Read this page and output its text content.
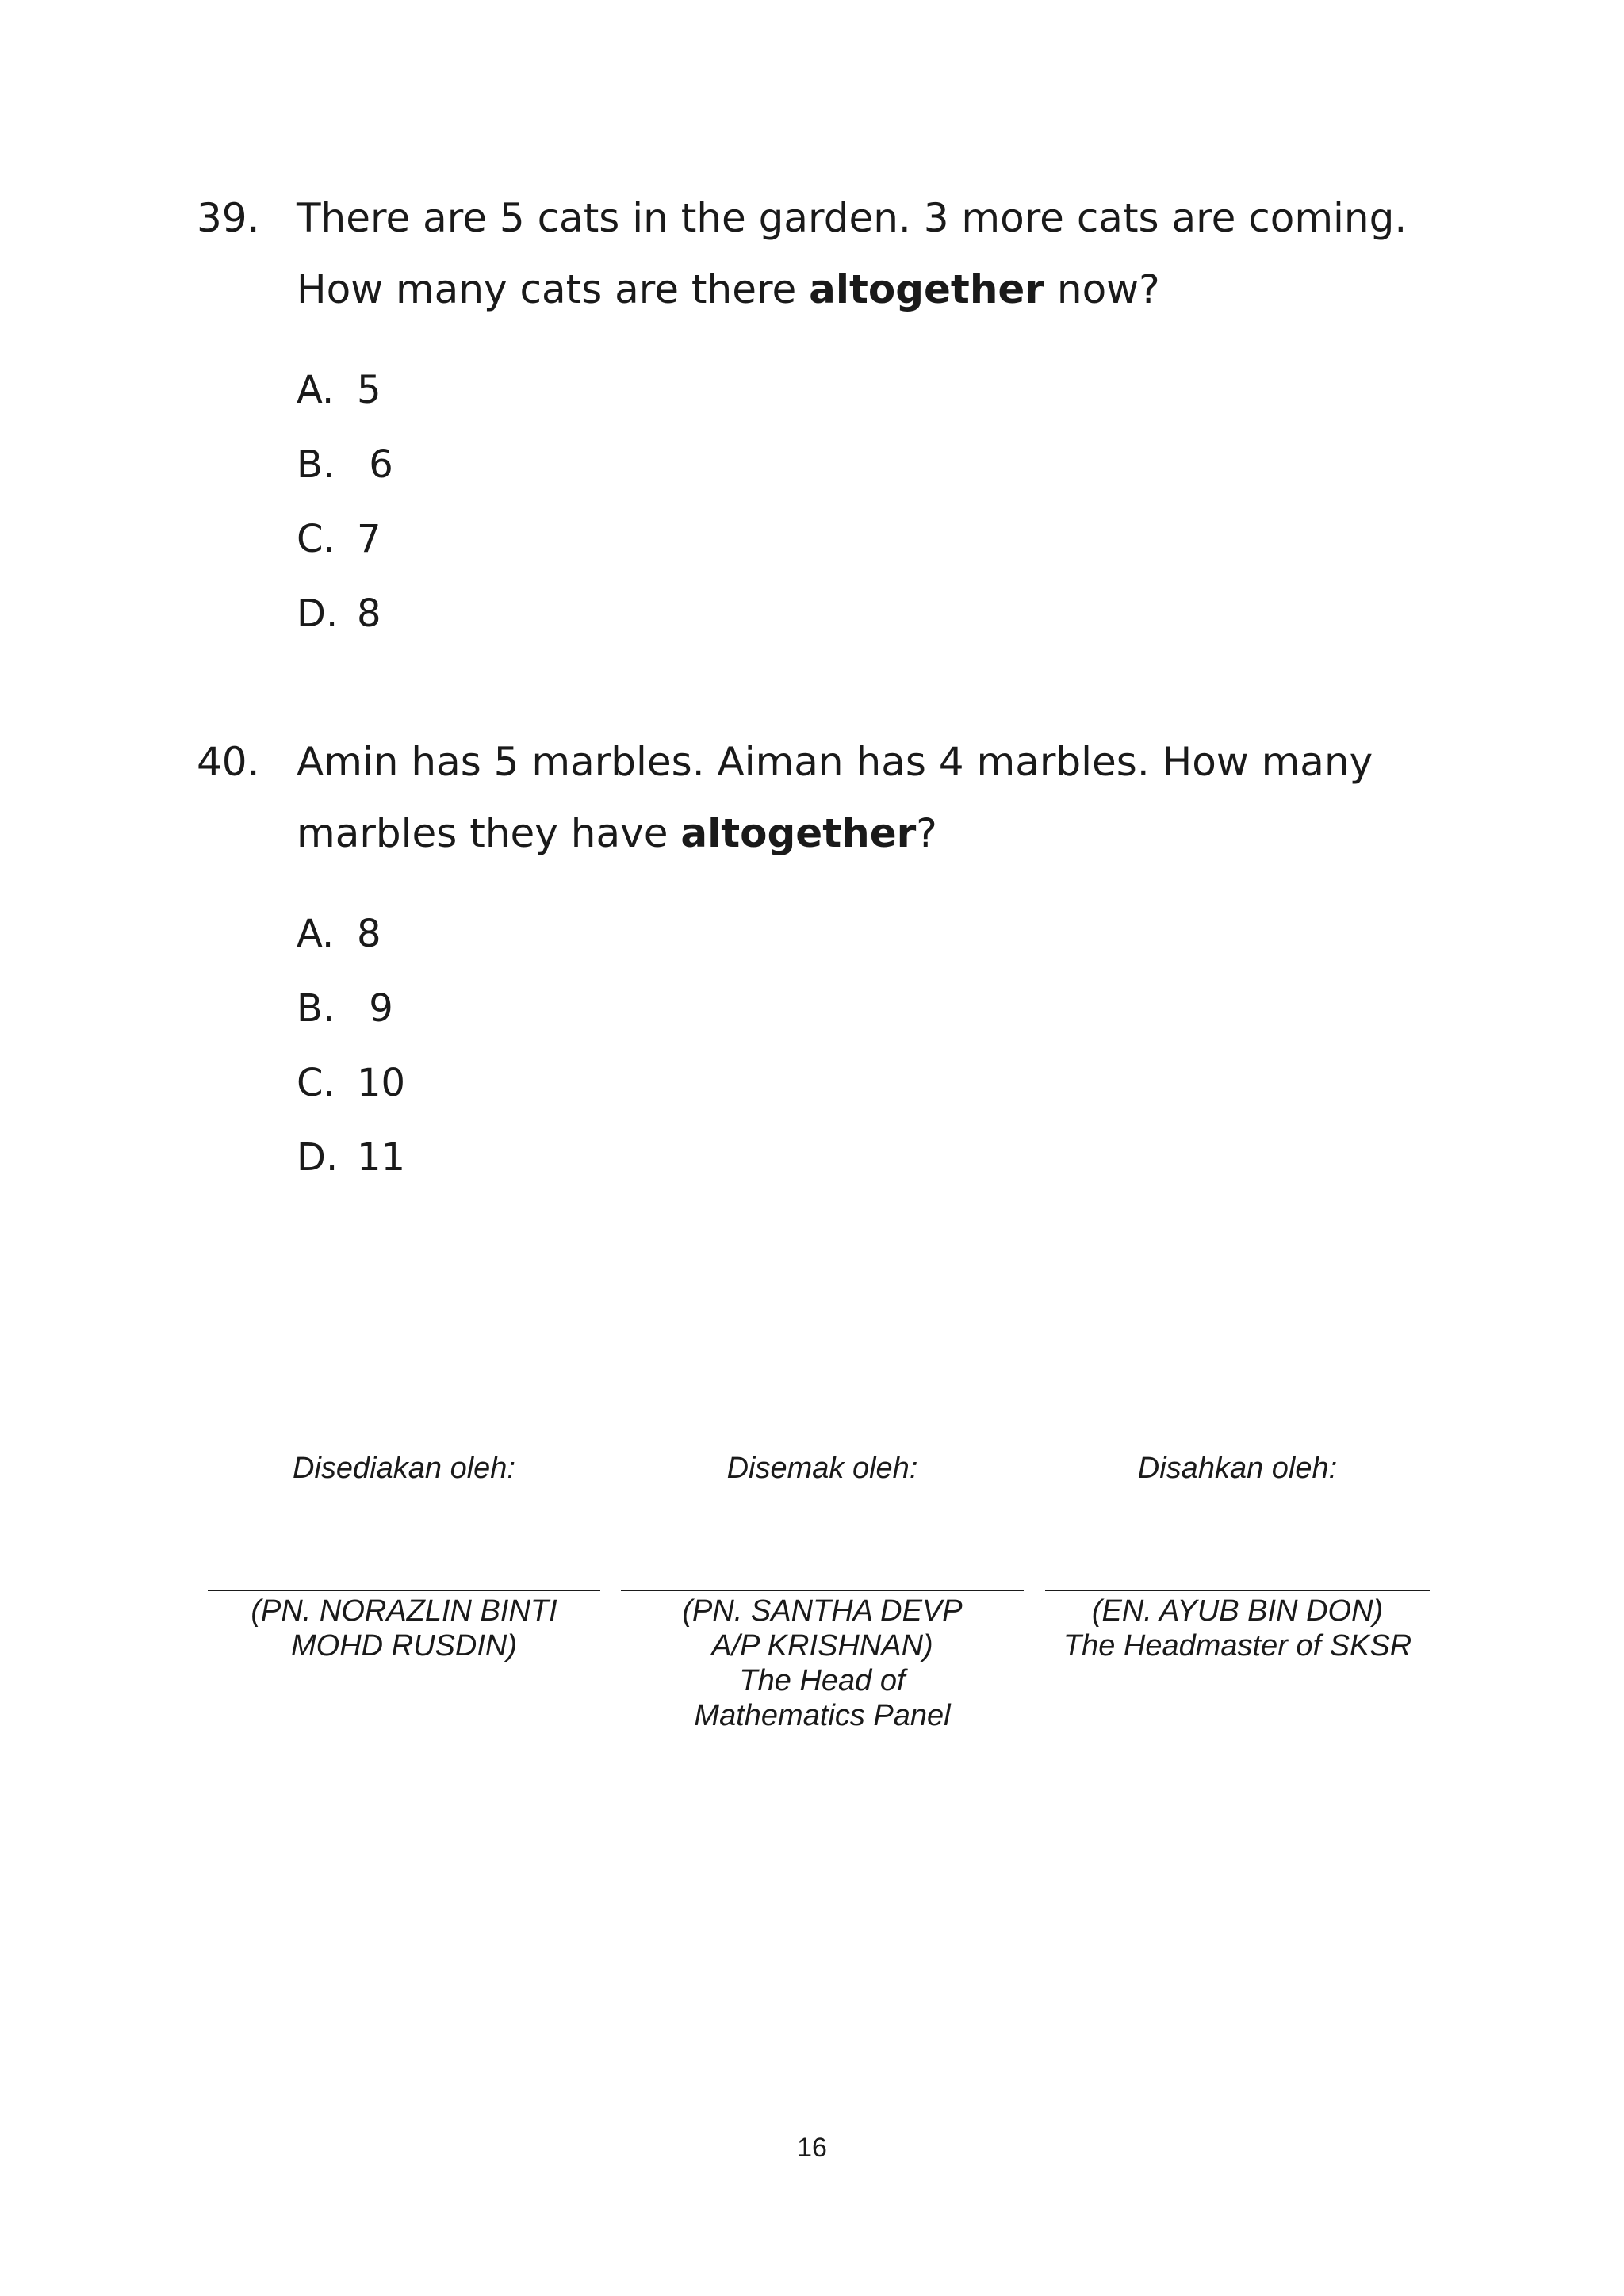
39. There are 5 cats in the garden. 3 more cats are coming. How many cats are there altogether now?
A. 5
B. 6
C. 7
D. 8
40. Amin has 5 marbles. Aiman has 4 marbles. How many marbles they have altogether?
A. 8
B. 9
C. 10
D. 11
Disediakan oleh:
(PN. NORAZLIN BINTI MOHD RUSDIN)
Disemak oleh:
(PN. SANTHA DEVP A/P KRISHNAN)
The Head of Mathematics Panel
Disahkan oleh:
(EN. AYUB BIN DON)
The Headmaster of SKSR
16
